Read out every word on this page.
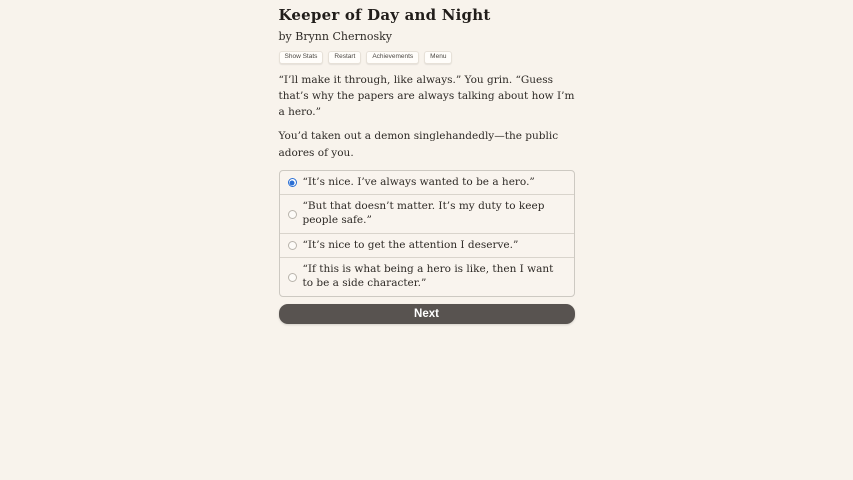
Keeper of Day and Night
by Brynn Chernosky
Show Stats	Restart	Achievements	Menu

“I’ll make it through, like always.” You grin. “Guess that’s why the papers are always talking about how I’m a hero.”

You’d taken out a demon singlehandedly—the public adores of you.

“It’s nice. I’ve always wanted to be a hero.”
“But that doesn’t matter. It’s my duty to keep people safe.”
“It’s nice to get the attention I deserve.”
“If this is what being a hero is like, then I want to be a side character.”
Next
